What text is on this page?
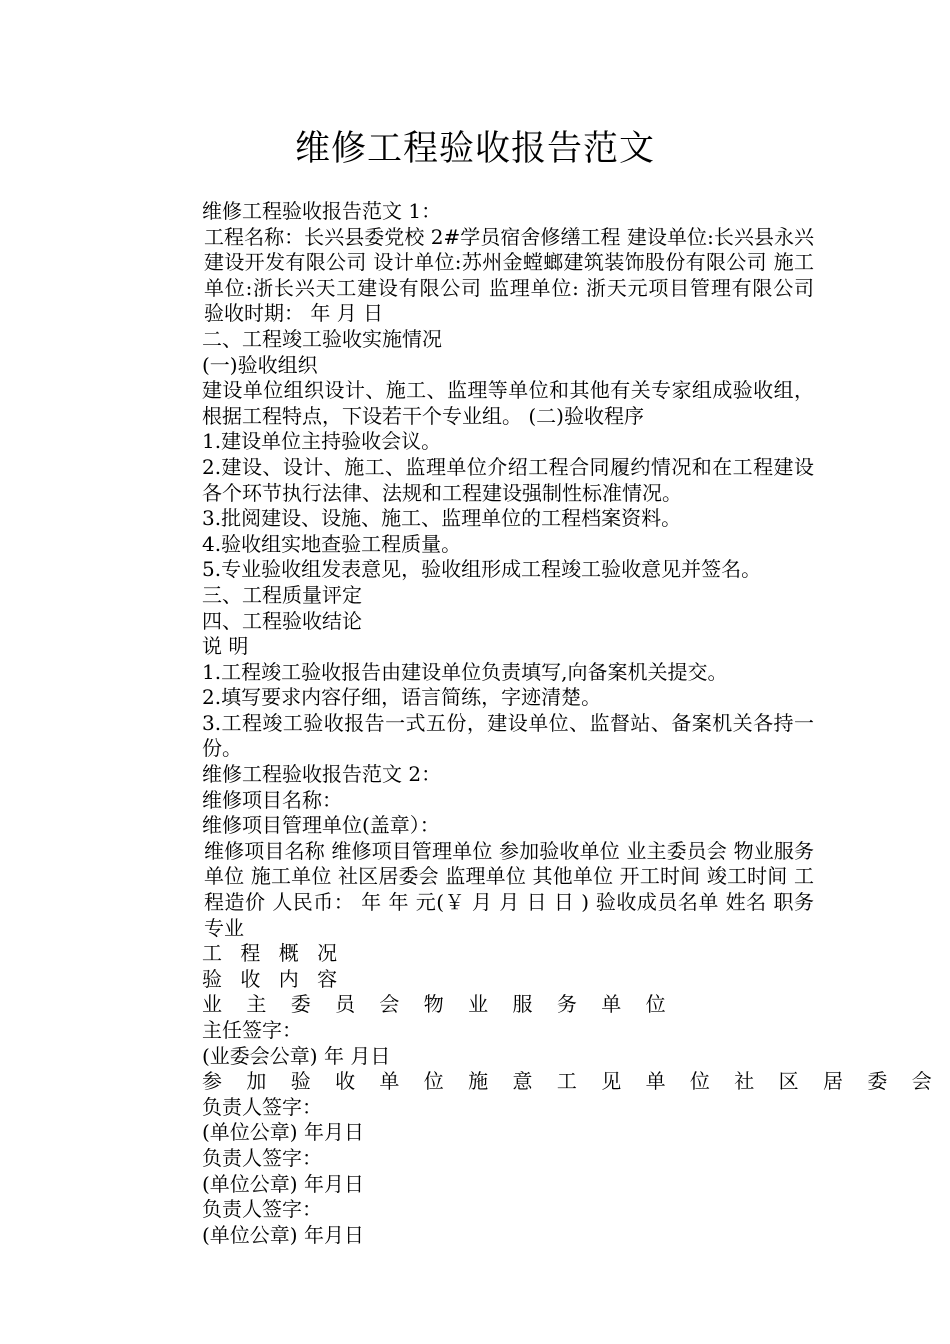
维修工程验收报告范文

维修工程验收报告范文 1：

工程名称：长兴县委党校 2#学员宿舍修缮工程 建设单位:长兴县永兴建设开发有限公司 设计单位:苏州金螳螂建筑装饰股份有限公司 施工单位:浙长兴天工建设有限公司 监理单位: 浙天元项目管理有限公司 验收时期： 年 月 日

二、工程竣工验收实施情况

(一)验收组织

建设单位组织设计、施工、监理等单位和其他有关专家组成验收组，根据工程特点，下设若干个专业组。 (二)验收程序

1.建设单位主持验收会议。

2.建设、设计、施工、监理单位介绍工程合同履约情况和在工程建设各个环节执行法律、法规和工程建设强制性标准情况。

3.批阅建设、设施、施工、监理单位的工程档案资料。

4.验收组实地查验工程质量。

5.专业验收组发表意见，验收组形成工程竣工验收意见并签名。

三、工程质量评定

四、工程验收结论

说 明

1.工程竣工验收报告由建设单位负责填写,向备案机关提交。

2.填写要求内容仔细，语言简练，字迹清楚。

3.工程竣工验收报告一式五份，建设单位、监督站、备案机关各持一份。

维修工程验收报告范文 2：

维修项目名称：

维修项目管理单位(盖章）：

维修项目名称 维修项目管理单位 参加验收单位 业主委员会 物业服务单位 施工单位 社区居委会 监理单位 其他单位 开工时间 竣工时间 工程造价 人民币： 年 年 元(￥ 月 月 日 日 ) 验收成员名单 姓名 职务 专业

工 程 概 况

验 收 内 容

业 主 委 员 会 物 业 服 务 单 位

主任签字：

(业委会公章) 年 月日

参 加 验 收 单 位 施 意 工 见 单 位 社 区 居 委 会

负责人签字：

(单位公章) 年月日

负责人签字：

(单位公章) 年月日

负责人签字：

(单位公章) 年月日
